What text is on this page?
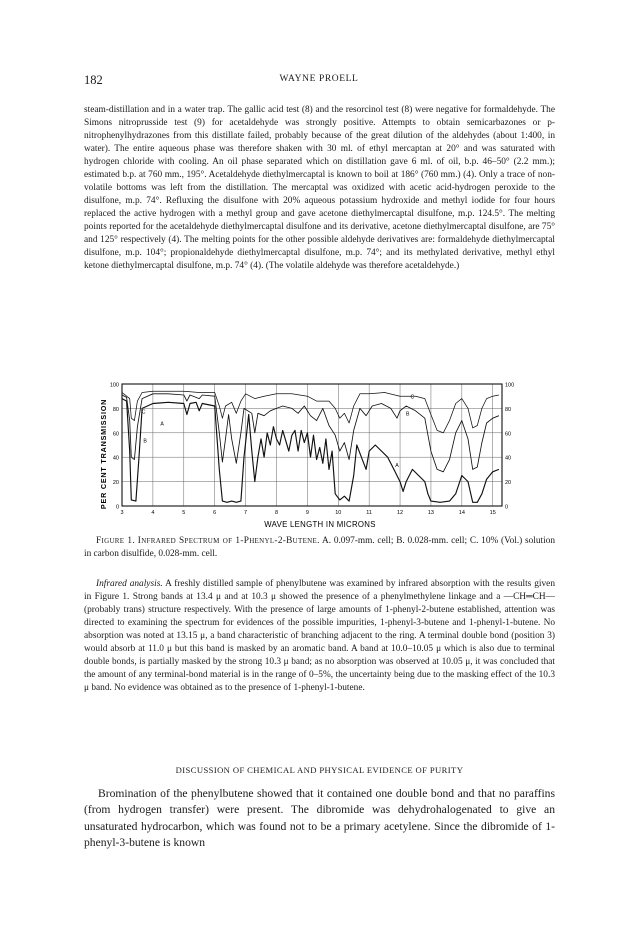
182	WAYNE PROELL

steam-distillation and in a water trap. The gallic acid test (8) and the resorcinol test (8) were negative for formaldehyde. The Simons nitroprusside test (9) for acetaldehyde was strongly positive. Attempts to obtain semicarbazones or p-nitrophenylhydrazones from this distillate failed, probably because of the great dilution of the aldehydes (about 1:400, in water). The entire aqueous phase was therefore shaken with 30 ml. of ethyl mercaptan at 20° and was saturated with hydrogen chloride with cooling. An oil phase separated which on distillation gave 6 ml. of oil, b.p. 46–50° (2.2 mm.); estimated b.p. at 760 mm., 195°. Acetaldehyde diethylmercaptal is known to boil at 186° (760 mm.) (4). Only a trace of non-volatile bottoms was left from the distillation. The mercaptal was oxidized with acetic acid-hydrogen peroxide to the disulfone, m.p. 74°. Refluxing the disulfone with 20% aqueous potassium hydroxide and methyl iodide for four hours replaced the active hydrogen with a methyl group and gave acetone diethylmercaptal disulfone, m.p. 124.5°. The melting points reported for the acetaldehyde diethylmercaptal disulfone and its derivative, acetone diethylmercaptal disulfone, are 75° and 125° respectively (4). The melting points for the other possible aldehyde derivatives are: formaldehyde diethylmercaptal disulfone, m.p. 104°; propionaldehyde diethylmercaptal disulfone, m.p. 74°; and its methylated derivative, methyl ethyl ketone diethylmercaptal disulfone, m.p. 74° (4). (The volatile aldehyde was therefore acetaldehyde.)

100
80
60
40
20
0
100
80
60
40
20
0
3	4	5	6	7	8	9	10	11	12	13	14	15
A
B
C
C
B
A
PER CENT TRANSMISSION
WAVE LENGTH IN MICRONS

Figure 1. Infrared Spectrum of 1-Phenyl-2-Butene. A. 0.097-mm. cell; B. 0.028-mm. cell; C. 10% (Vol.) solution in carbon disulfide, 0.028-mm. cell.

Infrared analysis. A freshly distilled sample of phenylbutene was examined by infrared absorption with the results given in Figure 1. Strong bands at 13.4 μ and at 10.3 μ showed the presence of a phenylmethylene linkage and a —CH═CH— (probably trans) structure respectively. With the presence of large amounts of 1-phenyl-2-butene established, attention was directed to examining the spectrum for evidences of the possible impurities, 1-phenyl-3-butene and 1-phenyl-1-butene. No absorption was noted at 13.15 μ, a band characteristic of branching adjacent to the ring. A terminal double bond (position 3) would absorb at 11.0 μ but this band is masked by an aromatic band. A band at 10.0–10.05 μ which is also due to terminal double bonds, is partially masked by the strong 10.3 μ band; as no absorption was observed at 10.05 μ, it was concluded that the amount of any terminal-bond material is in the range of 0–5%, the uncertainty being due to the masking effect of the 10.3 μ band. No evidence was obtained as to the presence of 1-phenyl-1-butene.

DISCUSSION OF CHEMICAL AND PHYSICAL EVIDENCE OF PURITY

Bromination of the phenylbutene showed that it contained one double bond and that no paraffins (from hydrogen transfer) were present. The dibromide was dehydrohalogenated to give an unsaturated hydrocarbon, which was found not to be a primary acetylene. Since the dibromide of 1-phenyl-3-butene is known
